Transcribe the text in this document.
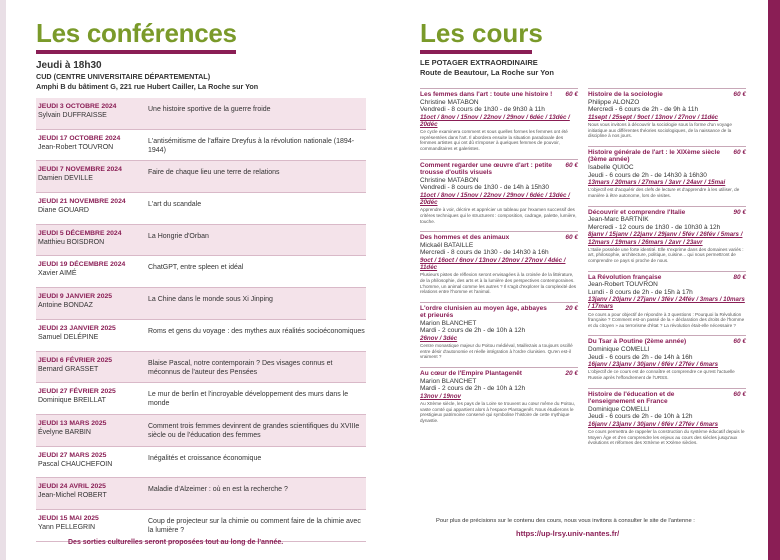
Les conférences
Jeudi à 18h30
CUD (CENTRE UNIVERSITAIRE DÉPARTEMENTAL)
Amphi B du bâtiment G, 221 rue Hubert Cailler, La Roche sur Yon
JEUDI 3 OCTOBRE 2024
Sylvain DUFFRAISSE
Une histoire sportive de la guerre froide
JEUDI 17 OCTOBRE 2024
Jean-Robert TOUVRON
L'antisémitisme de l'affaire Dreyfus à la révolution nationale (1894-1944)
JEUDI 7 NOVEMBRE 2024
Damien DEVILLE
Faire de chaque lieu une terre de relations
JEUDI 21 NOVEMBRE 2024
Diane GOUARD
L'art du scandale
JEUDI 5 DÉCEMBRE 2024
Matthieu BOISDRON
La Hongrie d'Orban
JEUDI 19 DÉCEMBRE 2024
Xavier AIMÉ
ChatGPT, entre spleen et idéal
JEUDI 9 JANVIER 2025
Antoine BONDAZ
La Chine dans le monde sous Xi Jinping
JEUDI 23 JANVIER 2025
Samuel DELÉPINE
Roms et gens du voyage : des mythes aux réalités socioéconomiques
JEUDI 6 FÉVRIER 2025
Bernard GRASSET
Blaise Pascal, notre contemporain ? Des visages connus et méconnus de l'auteur des Pensées
JEUDI 27 FÉVRIER 2025
Dominique BREILLAT
Le mur de berlin et l'incroyable développement des murs dans le monde
JEUDI 13 MARS 2025
Évelyne BARBIN
Comment trois femmes devinrent de grandes scientifiques du XVIIIe siècle ou de l'éducation des femmes
JEUDI 27 MARS 2025
Pascal CHAUCHEFOIN
Inégalités et croissance économique
JEUDI 24 AVRIL 2025
Jean-Michel ROBERT
Maladie d'Alzeimer : où en est la recherche ?
JEUDI 15 MAI 2025
Yann PELLEGRIN
Coup de projecteur sur la chimie ou comment faire de la chimie avec la lumière ?
Des sorties culturelles seront proposées tout au long de l'année.
Les cours
LE POTAGER EXTRAORDINAIRE
Route de Beautour, La Roche sur Yon
Les femmes dans l'art : toute une histoire !	60 €
Christine MATABON
Vendredi - 8 cours de 1h30 - de 9h30 à 11h
11oct / 8nov / 15nov / 22nov / 29nov / 6déc / 13déc / 20déc
Ce cycle examinera comment et sous quelles formes les femmes ont été représentées dans l'art. Il abordera ensuite la situation paradoxale des femmes artistes qui ont dû s'imposer à quelques femmes de pouvoir, commanditaires et galeristes.
Comment regarder une œuvre d'art : petite trousse d'outils visuels
60 €
Christine MATABON
Vendredi - 8 cours de 1h30 - de 14h à 15h30
11oct / 8nov / 15nov / 22nov / 29nov / 6déc / 13déc / 20déc
Apprendre à voir, décrire et apprécier un tableau par l'examen successif des critères techniques qui le structurent : composition, cadrage, palette, lumière, touche.
Des hommes et des animaux	60 €
Mickaël BATAILLE
Mercredi - 8 cours de 1h30 - de 14h30 à 16h
9oct / 16oct / 6nov / 13nov / 20nov / 27nov / 4déc / 11déc
Plusieurs pistes de réflexion seront envisagées à la croisée de la littérature, de la philosophie, des arts et à la lumière des perspectives contemporaines. L'homme, un animal comme les autres ? Il s'agit d'explorer la complexité des relations entre l'homme et l'animal.
L'ordre clunisien au moyen âge, abbayes et prieurés
20 €
Marion BLANCHET
Mardi - 2 cours de 2h - de 10h à 12h
26nov / 3déc
Centre monastique majeur du Poitou médiéval, Maillezais a toujours oscillé entre désir d'autonomie et réelle intégration à l'ordre clunisien. Qu'en est-il vraiment ?
Au cœur de l'Empire Plantagenêt	20 €
Marion BLANCHET
Mardi - 2 cours de 2h - de 10h à 12h
13nov / 19nov
Au XIIème siècle, les pays de la Loire se trouvent au cœur même du Poitou, vaste comté qui appartient alors à l'espace Plantagenêt. Nous étudierons le prestigieux patrimoine conservé qui symbolise l'histoire de cette mythique dynastie.
Histoire de la sociologie	60 €
Philippe ALONZO
Mercredi - 6 cours de 2h - de 9h à 11h
11sept / 25sept / 9oct / 13nov / 27nov / 11déc
Nous vous invitons à découvrir la sociologie sous la forme d'un voyage initiatique aux différentes théories sociologiques, de la naissance de la discipline à nos jours.
Histoire générale de l'art : le XIXème siècle (3ème année)
60 €
Isabelle QUIOC
Jeudi - 6 cours de 2h - de 14h30 à 16h30
13mars / 20mars / 27mars / 3avr / 24avr / 15mai
L'objectif est d'acquérir des clefs de lecture et d'apprendre à les utiliser, de manière à être autonome, lors de visites.
Découvrir et comprendre l'Italie	90 €
Jean-Marc BARTNIK
Mercredi - 12 cours de 1h30 - de 10h30 à 12h
8janv / 15janv / 22janv / 29janv / 5fév / 26fév / 5mars / 12mars / 19mars / 26mars / 2avr / 23avr
L'Italie possède une forte identité. Elle s'exprime dans des domaines variés : art, philosophie, architecture, politique, cuisine... qui nous permettront de comprendre ce pays si proche de nous.
La Révolution française	80 €
Jean-Robert TOUVRON
Lundi - 8 cours de 2h - de 15h à 17h
13janv / 20janv / 27janv / 3fév / 24fév / 3mars / 10mars / 17mars
Ce cours a pour objectif de répondre à 3 questions : Pourquoi la Révolution française ? Comment est-on passé de la « déclaration des droits de l'homme et du citoyen » au terrorisme d'état ? La révolution était-elle nécessaire ?
Du Tsar à Poutine (2ème année)	60 €
Dominique COMELLI
Jeudi - 6 cours de 2h - de 14h à 16h
16janv / 23janv / 30janv / 6fév / 27fév / 6mars
L'objectif de ce cours est de connaître et comprendre ce qu'est l'actuelle Russie après l'effondrement de l'URSS.
Histoire de l'éducation et de l'enseignement en France
60 €
Dominique COMELLI
Jeudi - 6 cours de 2h - de 10h à 12h
16janv / 23janv / 30janv / 6fév / 27fév / 6mars
Ce cours permettra de rappeler la construction du système éducatif depuis le Moyen Âge et d'en comprendre les enjeux au cours des siècles jusqu'aux évolutions et réformes des XIXème et XXème siècles.
Pour plus de précisions sur le contenu des cours, nous vous invitons à consulter le site de l'antenne :
https://up-lrsy.univ-nantes.fr/
